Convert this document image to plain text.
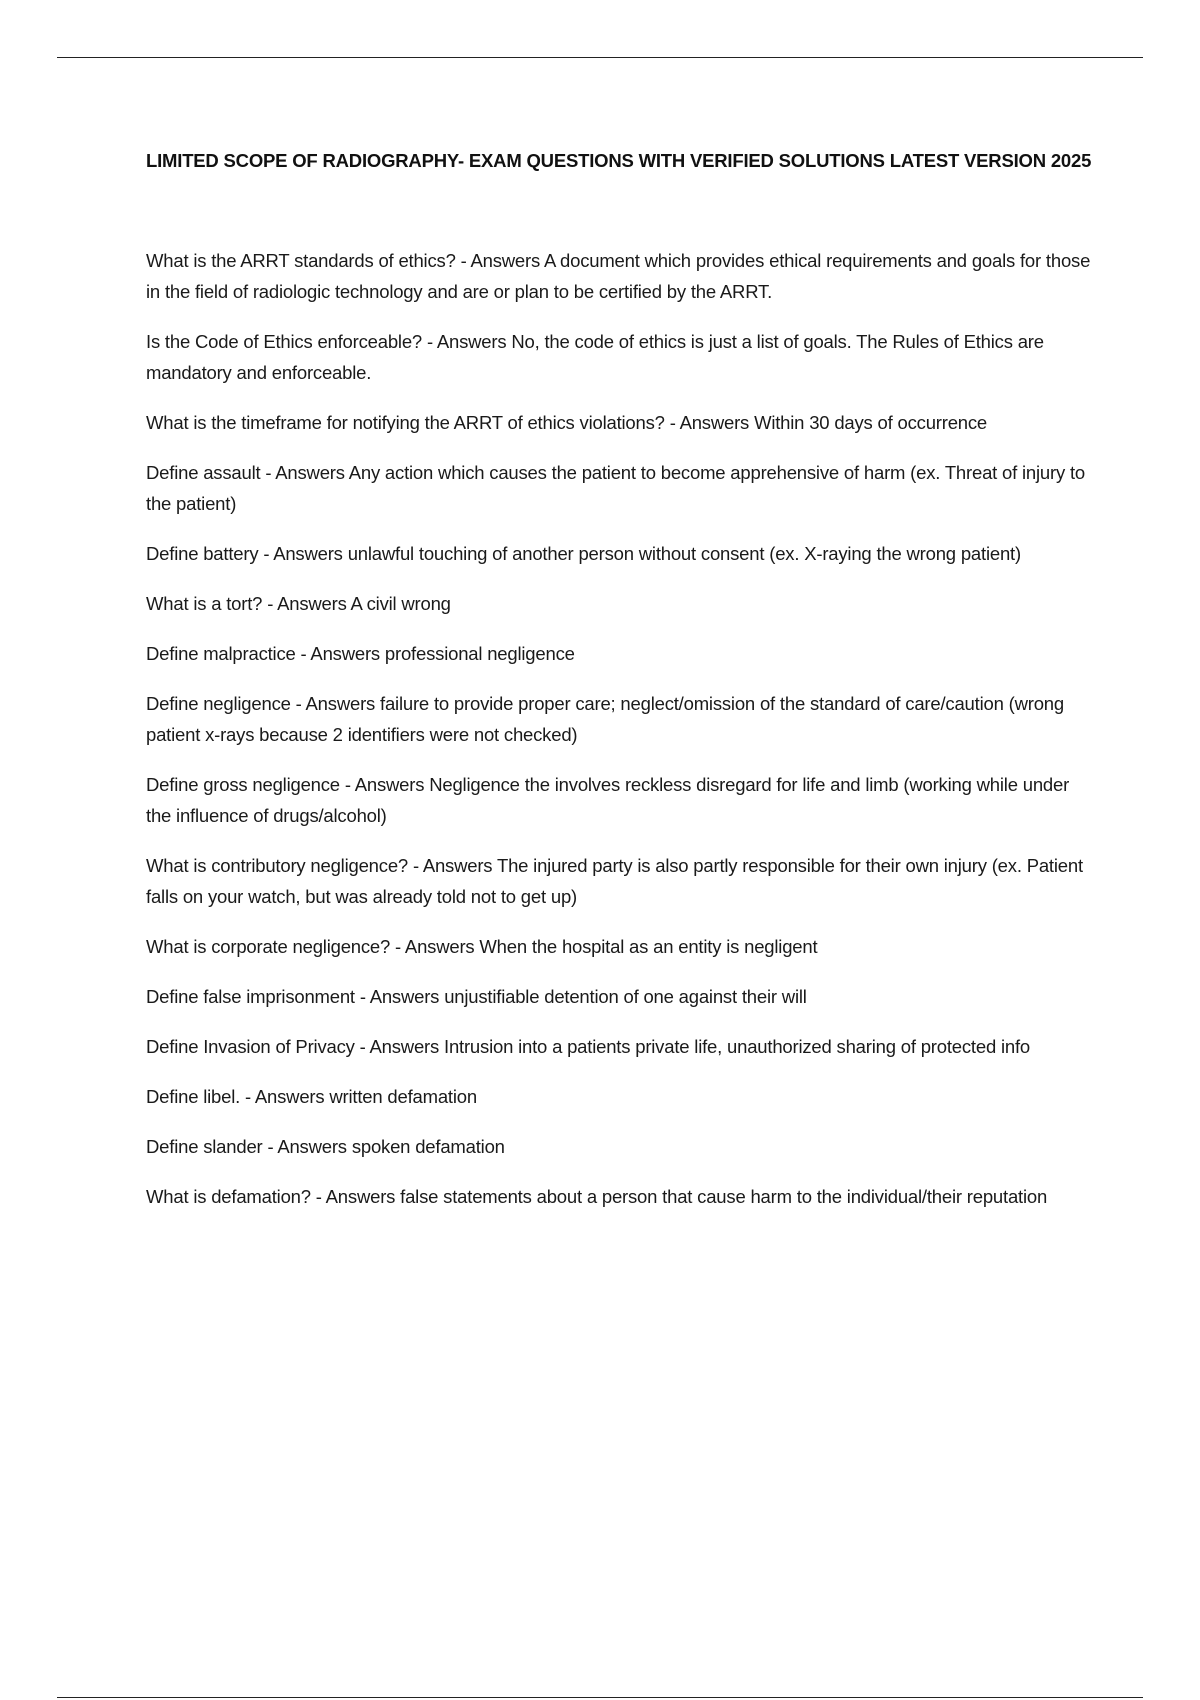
LIMITED SCOPE OF RADIOGRAPHY- EXAM QUESTIONS WITH VERIFIED SOLUTIONS LATEST VERSION 2025
What is the ARRT standards of ethics? - Answers A document which provides ethical requirements and goals for those in the field of radiologic technology and are or plan to be certified by the ARRT.
Is the Code of Ethics enforceable? - Answers No, the code of ethics is just a list of goals. The Rules of Ethics are mandatory and enforceable.
What is the timeframe for notifying the ARRT of ethics violations? - Answers Within 30 days of occurrence
Define assault - Answers Any action which causes the patient to become apprehensive of harm (ex. Threat of injury to the patient)
Define battery - Answers unlawful touching of another person without consent (ex. X-raying the wrong patient)
What is a tort? - Answers A civil wrong
Define malpractice - Answers professional negligence
Define negligence - Answers failure to provide proper care; neglect/omission of the standard of care/caution (wrong patient x-rays because 2 identifiers were not checked)
Define gross negligence - Answers Negligence the involves reckless disregard for life and limb (working while under the influence of drugs/alcohol)
What is contributory negligence? - Answers The injured party is also partly responsible for their own injury (ex. Patient falls on your watch, but was already told not to get up)
What is corporate negligence? - Answers When the hospital as an entity is negligent
Define false imprisonment - Answers unjustifiable detention of one against their will
Define Invasion of Privacy - Answers Intrusion into a patients private life, unauthorized sharing of protected info
Define libel. - Answers written defamation
Define slander - Answers spoken defamation
What is defamation? - Answers false statements about a person that cause harm to the individual/their reputation
